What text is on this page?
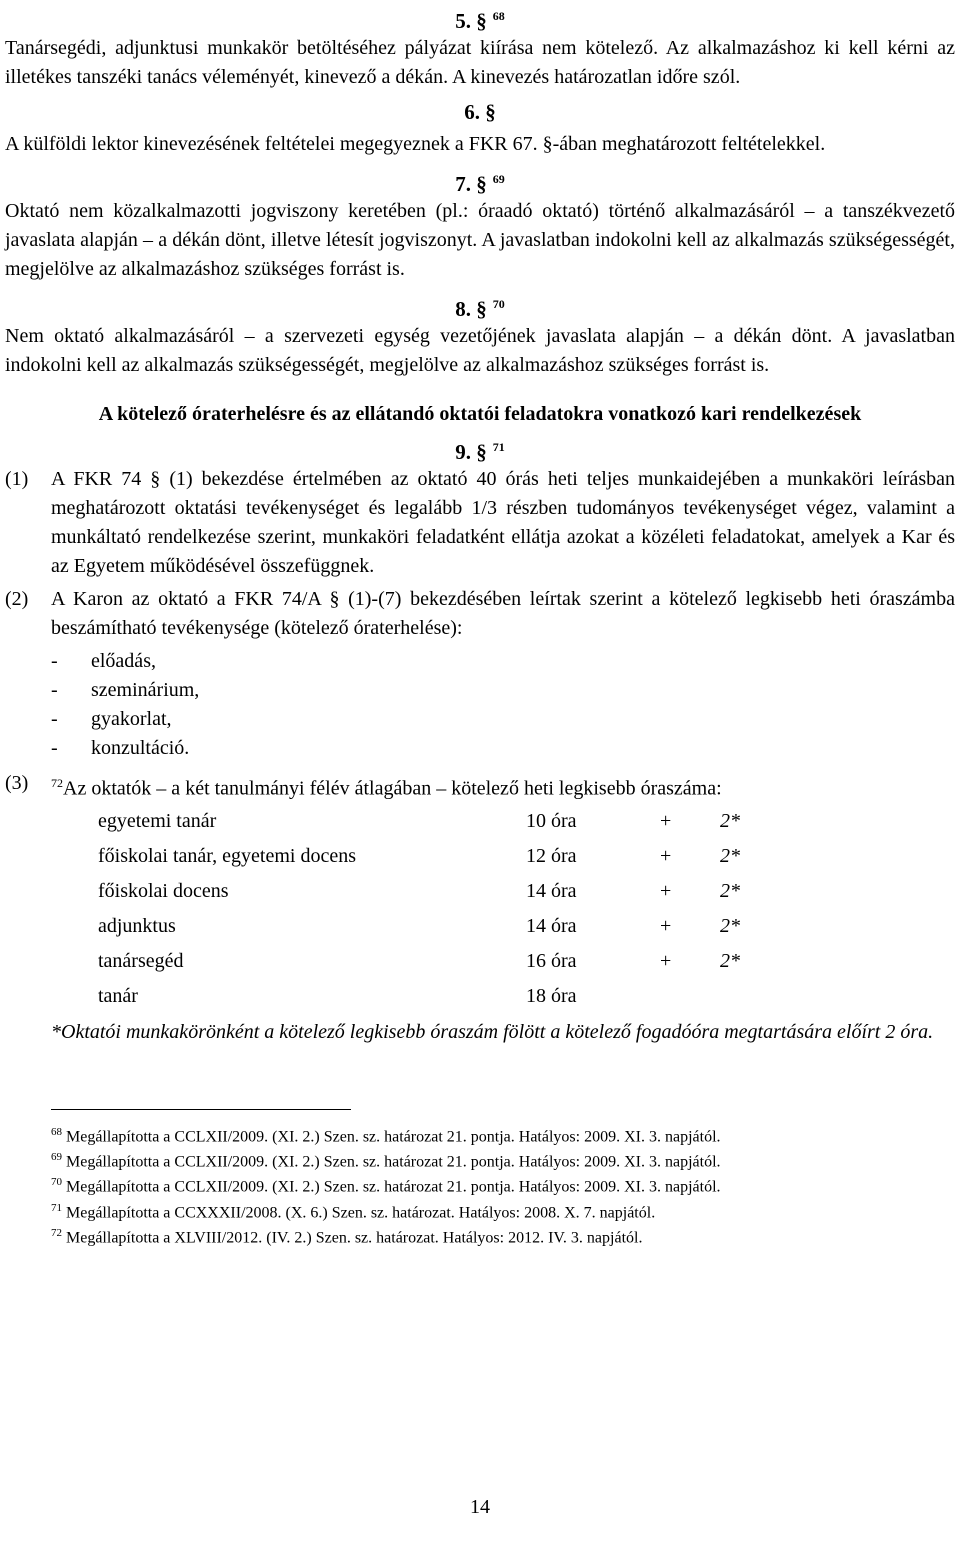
5. § $^{68}$
Tanársegédi, adjunktusi munkakör betöltéséhez pályázat kiírása nem kötelező. Az alkalmazáshoz ki kell kérni az illetékes tanszéki tanács véleményét, kinevező a dékán. A kinevezés határozatlan időre szól.
6. §
A külföldi lektor kinevezésének feltételei megegyeznek a FKR 67. §-ában meghatározott feltételekkel.
7. § $^{69}$
Oktató nem közalkalmazotti jogviszony keretében (pl.: óraadó oktató) történő alkalmazásáról – a tanszékvezető javaslata alapján – a dékán dönt, illetve létesít jogviszonyt. A javaslatban indokolni kell az alkalmazás szükségességét, megjelölve az alkalmazáshoz szükséges forrást is.
8. § $^{70}$
Nem oktató alkalmazásáról – a szervezeti egység vezetőjének javaslata alapján – a dékán dönt. A javaslatban indokolni kell az alkalmazás szükségességét, megjelölve az alkalmazáshoz szükséges forrást is.
A kötelező óraterhelésre és az ellátandó oktatói feladatokra vonatkozó kari rendelkezések
9. § $^{71}$
(1)	A FKR 74 § (1) bekezdése értelmében az oktató 40 órás heti teljes munkaidejében a munkaköri leírásban meghatározott oktatási tevékenységet és legalább 1/3 részben tudományos tevékenységet végez, valamint a munkáltató rendelkezése szerint, munkaköri feladatként ellátja azokat a közéleti feladatokat, amelyek a Kar és az Egyetem működésével összefüggnek.
(2)	A Karon az oktató a FKR 74/A § (1)-(7) bekezdésében leírtak szerint a kötelező legkisebb heti óraszámba beszámítható tevékenysége (kötelező óraterhelése):
-	előadás,
-	szeminárium,
-	gyakorlat,
-	konzultáció.
(3)	$^{72}$Az oktatók – a két tanulmányi félév átlagában – kötelező heti legkisebb óraszáma:
egyetemi tanár	10 óra	+	2*
főiskolai tanár, egyetemi docens	12 óra	+	2*
főiskolai docens	14 óra	+	2*
adjunktus	14 óra	+	2*
tanársegéd	16 óra	+	2*
tanár	18 óra
*Oktatói munkakörönként a kötelező legkisebb óraszám fölött a kötelező fogadóóra megtartására előírt 2 óra.
$^{68}$ Megállapította a CCLXII/2009. (XI. 2.) Szen. sz. határozat 21. pontja. Hatályos: 2009. XI. 3. napjától.
$^{69}$ Megállapította a CCLXII/2009. (XI. 2.) Szen. sz. határozat 21. pontja. Hatályos: 2009. XI. 3. napjától.
$^{70}$ Megállapította a CCLXII/2009. (XI. 2.) Szen. sz. határozat 21. pontja. Hatályos: 2009. XI. 3. napjától.
$^{71}$ Megállapította a CCXXXII/2008. (X. 6.) Szen. sz. határozat. Hatályos: 2008. X. 7. napjától.
$^{72}$ Megállapította a XLVIII/2012. (IV. 2.) Szen. sz. határozat. Hatályos: 2012. IV. 3. napjától.
14
